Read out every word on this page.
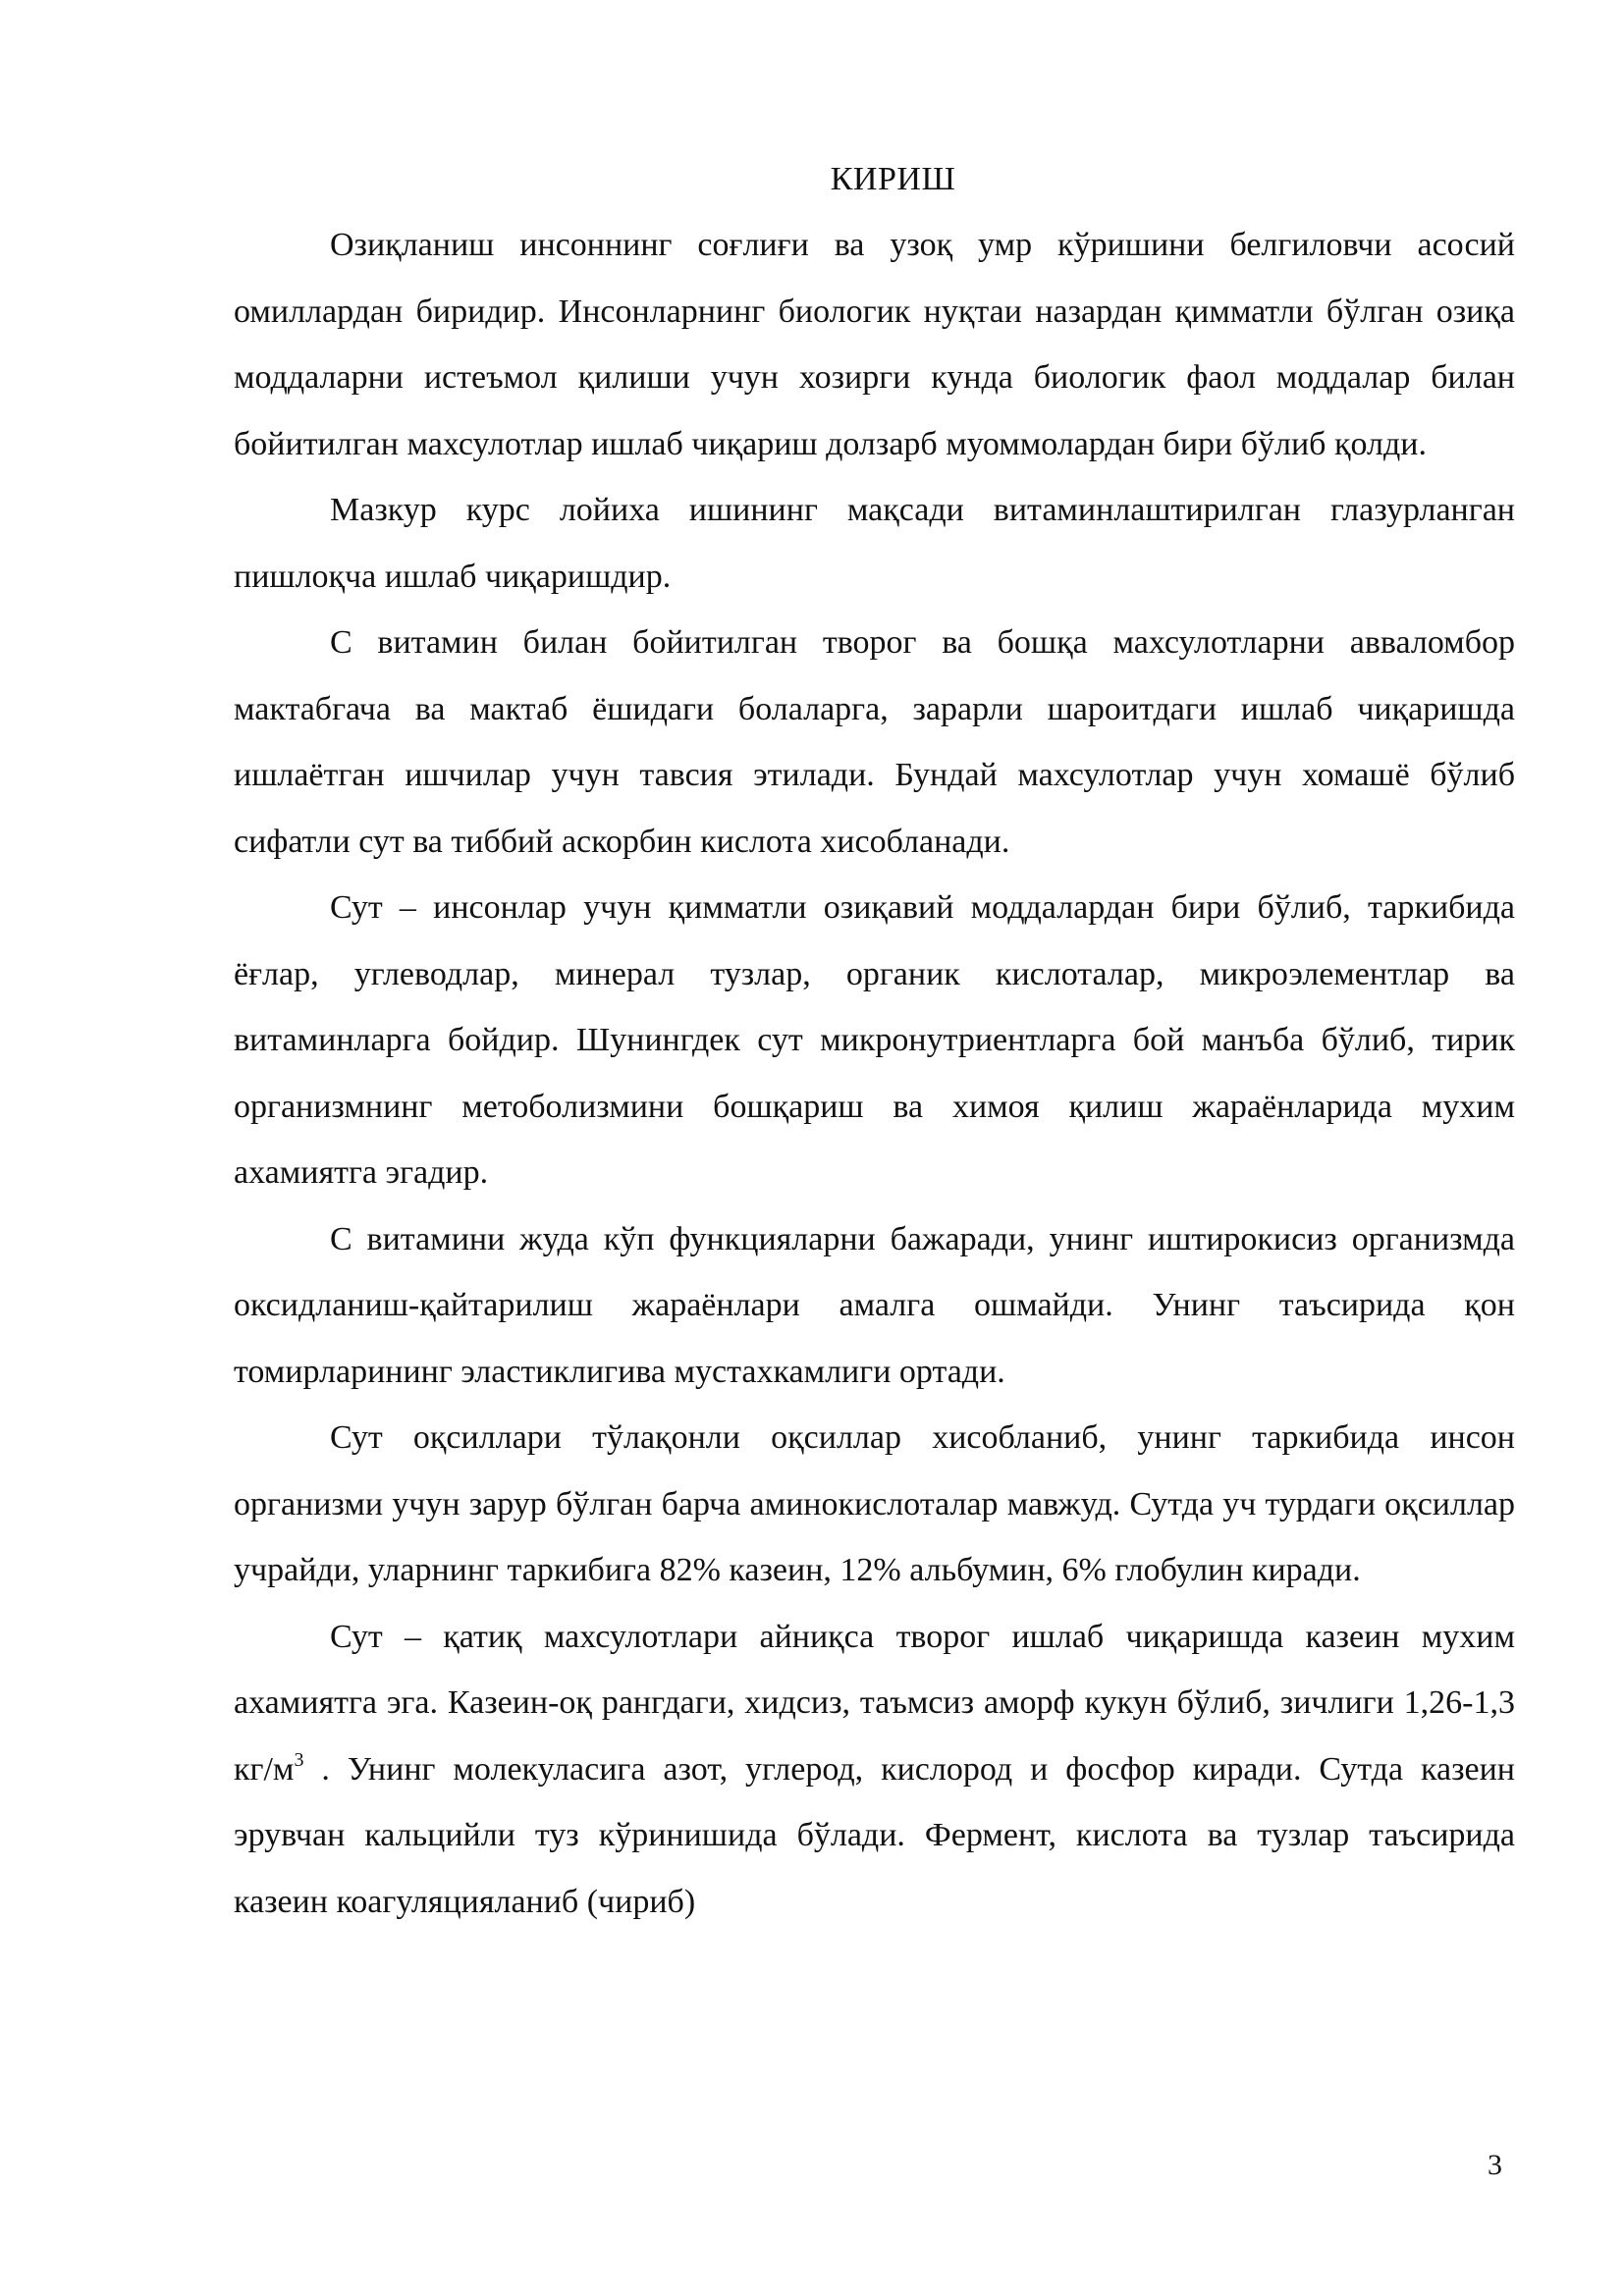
КИРИШ

Озиқланиш инсоннинг соғлиғи ва узоқ умр кўришини белгиловчи асосий омиллардан биридир. Инсонларнинг биологик нуқтаи назардан қимматли бўлган озиқа моддаларни истеъмол қилиши учун хозирги кунда биологик фаол моддалар билан бойитилган махсулотлар ишлаб чиқариш долзарб муоммолардан бири бўлиб қолди.

Мазкур курс лойиха ишининг мақсади витаминлаштирилган глазурланган пишлоқча ишлаб чиқаришдир.

С витамин билан бойитилган творог ва бошқа махсулотларни авваломбор мактабгача ва мактаб ёшидаги болаларга, зарарли шароитдаги ишлаб чиқаришда ишлаётган ишчилар учун тавсия этилади. Бундай махсулотлар учун хомашё бўлиб сифатли сут ва тиббий аскорбин кислота хисобланади.

Сут – инсонлар учун қимматли озиқавий моддалардан бири бўлиб, таркибида ёғлар, углеводлар, минерал тузлар, органик кислоталар, микроэлементлар ва витаминларга бойдир. Шунингдек сут микронутриентларга бой манъба бўлиб, тирик организмнинг метоболизмини бошқариш ва химоя қилиш жараёнларида мухим ахамиятга эгадир.

С витамини жуда кўп функцияларни бажаради, унинг иштирокисиз организмда оксидланиш-қайтарилиш жараёнлари амалга ошмайди. Унинг таъсирида қон томирларининг эластиклигива мустахкамлиги ортади.

Сут оқсиллари тўлақонли оқсиллар хисобланиб, унинг таркибида инсон организми учун зарур бўлган барча аминокислоталар мавжуд. Сутда уч турдаги оқсиллар учрайди, уларнинг таркибига 82% казеин, 12% альбумин, 6% глобулин киради.

Сут – қатиқ махсулотлари айниқса творог ишлаб чиқаришда казеин мухим ахамиятга эга. Казеин-оқ рангдаги, хидсиз, таъмсиз аморф кукун бўлиб, зичлиги 1,26-1,3 $кг/м^3$ . Унинг молекуласига азот, углерод, кислород и фосфор киради. Сутда казеин эрувчан кальцийли туз кўринишида бўлади. Фермент, кислота ва тузлар таъсирида казеин коагуляцияланиб (чириб)

3
